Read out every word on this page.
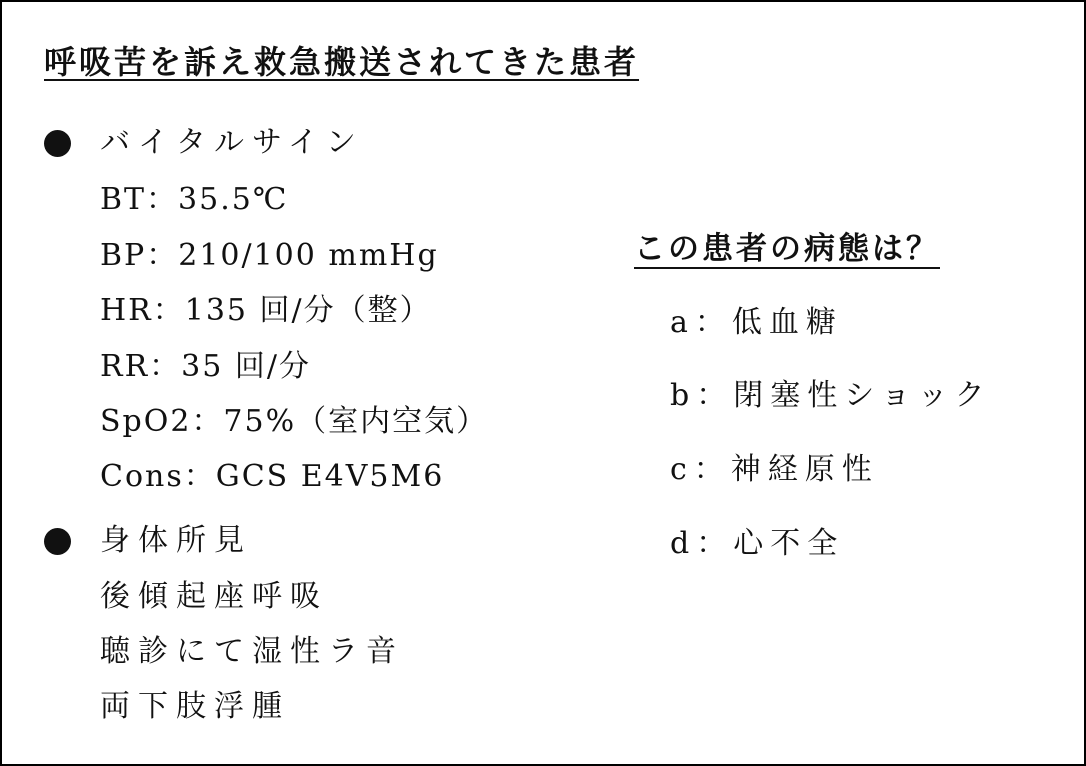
呼吸苦を訴え救急搬送されてきた患者
バイタルサイン
BT：35.5℃
BP：210/100 mmHg
HR：135 回/分（整）
RR：35 回/分
SpO2：75%（室内空気）
Cons：GCS E4V5M6
身体所見
後傾起座呼吸
聴診にて湿性ラ音
両下肢浮腫
この患者の病態は？
a：低血糖
b：閉塞性ショック
c：神経原性
d：心不全
